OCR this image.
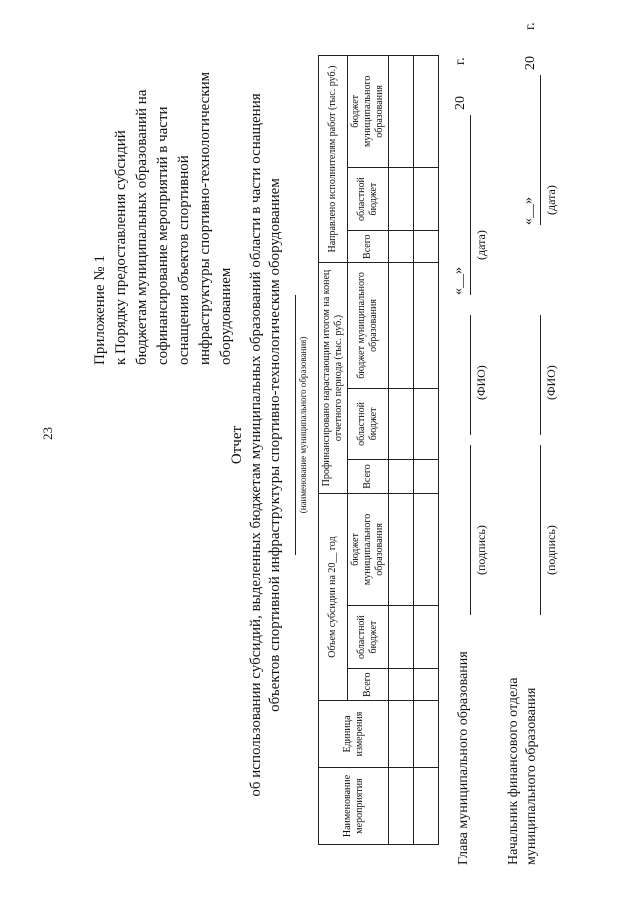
23
Приложение № 1 к Порядку предоставления субсидий бюджетам муниципальных образований на софинансирование мероприятий в части оснащения объектов спортивной инфраструктуры спортивно-технологическим оборудованием
Отчет об использовании субсидий, выделенных бюджетам муниципальных образований области в части оснащения объектов спортивной инфраструктуры спортивно-технологическим оборудованием (наименование муниципального образования)
Наименование мероприятия	Единица измерения	Объем субсидии на 20__ год			Профинансировано нарастающим итогом на конец отчетного периода (тыс. руб.)			Направлено исполнителям работ (тыс. руб.)		
		Всего	областной бюджет	бюджет муниципального образования	Всего	областной бюджет	бюджет муниципального образования	Всего	областной бюджет	бюджет муниципального образования

Глава муниципального образования
(подпись)
(ФИО)
«__»
20
г.
(дата)
Начальник финансового отдела муниципального образования
(подпись)
(ФИО)
«__»
20
г.
(дата)
